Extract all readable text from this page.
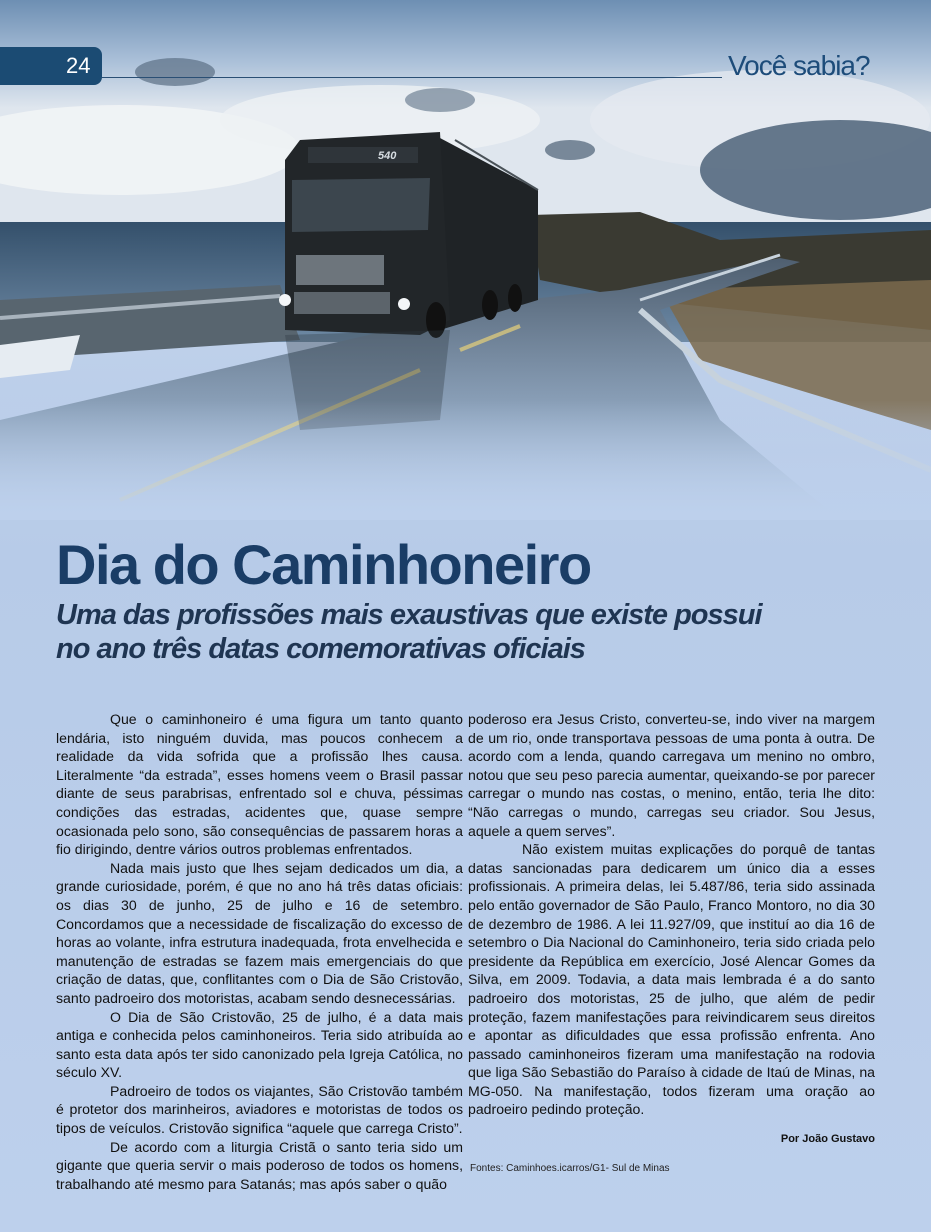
540
24	Você sabia?
Dia do Caminhoneiro
Uma das profissões mais exaustivas que existe possui no ano três datas comemorativas oficiais

Que o caminhoneiro é uma figura um tanto quanto lendária, isto ninguém duvida, mas poucos conhecem a realidade da vida sofrida que a profissão lhes causa. Literalmente “da estrada”, esses homens veem o Brasil passar diante de seus parabrisas, enfrentado sol e chuva, péssimas condições das estradas, acidentes que, quase sempre ocasionada pelo sono, são consequências de passarem horas a fio dirigindo, dentre vários outros problemas enfrentados.

Nada mais justo que lhes sejam dedicados um dia, a grande curiosidade, porém, é que no ano há três datas oficiais: os dias 30 de junho, 25 de julho e 16 de setembro. Concordamos que a necessidade de fiscalização do excesso de horas ao volante, infra estrutura inadequada, frota envelhecida e manutenção de estradas se fazem mais emergenciais do que criação de datas, que, conflitantes com o Dia de São Cristovão, santo padroeiro dos motoristas, acabam sendo desnecessárias.

O Dia de São Cristovão, 25 de julho, é a data mais antiga e conhecida pelos caminhoneiros. Teria sido atribuída ao santo esta data após ter sido canonizado pela Igreja Católica, no século XV.

Padroeiro de todos os viajantes, São Cristovão também é protetor dos marinheiros, aviadores e motoristas de todos os tipos de veículos. Cristovão significa “aquele que carrega Cristo”.

De acordo com a liturgia Cristã o santo teria sido um gigante que queria servir o mais poderoso de todos os homens, trabalhando até mesmo para Satanás; mas após saber o quão

poderoso era Jesus Cristo, converteu-se, indo viver na margem de um rio, onde transportava pessoas de uma ponta à outra. De acordo com a lenda, quando carregava um menino no ombro, notou que seu peso parecia aumentar, queixando-se por parecer carregar o mundo nas costas, o menino, então, teria lhe dito: “Não carregas o mundo, carregas seu criador. Sou Jesus, aquele a quem serves”.

Não existem muitas explicações do porquê de tantas datas sancionadas para dedicarem um único dia a esses profissionais. A primeira delas, lei 5.487/86, teria sido assinada pelo então governador de São Paulo, Franco Montoro, no dia 30 de dezembro de 1986. A lei 11.927/09, que instituí ao dia 16 de setembro o Dia Nacional do Caminhoneiro, teria sido criada pelo presidente da República em exercício, José Alencar Gomes da Silva, em 2009. Todavia, a data mais lembrada é a do santo padroeiro dos motoristas, 25 de julho, que além de pedir proteção, fazem manifestações para reivindicarem seus direitos e apontar as dificuldades que essa profissão enfrenta. Ano passado caminhoneiros fizeram uma manifestação na rodovia que liga São Sebastião do Paraíso à cidade de Itaú de Minas, na MG-050. Na manifestação, todos fizeram uma oração ao padroeiro pedindo proteção.

Por João Gustavo
Fontes: Caminhoes.icarros/G1- Sul de Minas
